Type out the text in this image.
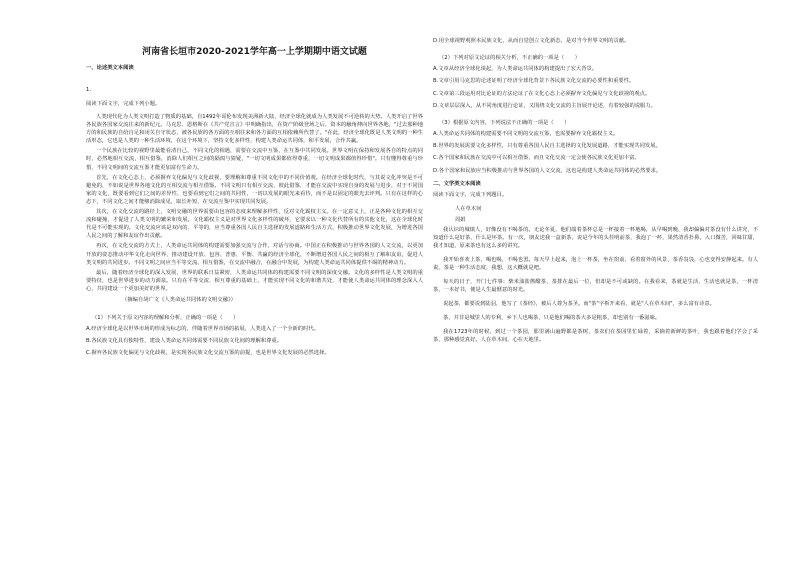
河南省长垣市2020-2021学年高一上学期期中语文试题

一、论述类文本阅读

1.

阅读下面文字，完成下列小题。

人类现代化为人类文明打造了物质的基础，自1492年哥伦布发现美洲新大陆，经济全球化就成为人类发展不可逆转的大势。人类开启了世界各民族各国家交流往来的新纪元。马克思、恩格斯在《共产党宣言》中明确指出，在资产阶级登场之后，资本的触角伸向世界各地，"过去那种地方的和民族的自给自足和闭关自守状态，被各民族的各方面的互相往来和各方面的互相依赖所代替了。"在此，经济全球化既是人类文明的一种生活形态，它也是人类的一种生活环境，在这个环境下，坚持文化多样性，构建人类命运共同体，和平发展，合作共赢。

一个民族在比较的视野里最能看清自己，不同文化的相遇，需要在交流中互鉴，在互鉴中共同发展。世界文明在保持和发展各自的特点的同时，必然地相互交流，相互借鉴，消除人们相互之间的隔阂与猜疑，"一切文明成果都值得尊重，一切文明成果都值得珍惜"。只有懂得尊重与珍惜，不同文明间的交流互鉴才能更加富有生命力。

首先，在文化心态上，必须摒弃文化偏见与文化歧视，要理解和尊重不同文化中的不同价值观。在经济全球化时代，与其说文化冲突是不可避免的，不如说是世界各地文化的互相交流与相互借鉴。不同文明只有相互交流、彼此借鉴，才能在交流中实现自身的发展与进步，对于不同国家的文化，既要看到它们之间的差异性，也要看到它们之间的共同性，一切以发展的眼光来看待，而不是以固定的眼光去评判。只有在这样的心态下，不同文化之间才能够消除成见，取长补短，在交流互鉴中实现共同发展。

其次，在文化交流的路径上，文明交融的世界需要由包容的态度来理解多样性，反对文化霸权主义。在一定意义上，正是各种文化的相互交流和碰撞，才促进了人类文明的繁荣和发展。文化霸权主义是对世界文化多样性的破坏，它要求以一种文化代替所有的其他文化，这在全球化时代是不可能实现的。文化交流应该是双向的、平等的，应当尊重各国人民自主选择的发展道路和生活方式，积极推动世界文化发展，为增进各国人民之间的了解和友谊作出贡献。

再次，在文化交流的方式上，人类命运共同体的构建需要加强交流与合作，对话与协商。中国正在积极推动与世界各国的人文交流，以更加开放的姿态推动中华文化走向世界，推动建设开放、包容、普惠、平衡、共赢的经济全球化，不断增进各国人民之间的相互了解和友谊，促进人类文明的共同进步。不同文明之间应当平等交流、相互借鉴，在交流中融合，在融合中发展，为构建人类命运共同体提供不竭的精神动力。

最后，随着经济全球化的深入发展，世界的联系日益紧密，人类命运共同体的构建需要不同文明的深度交融。文化的多样性是人类文明的重要特征，也是世界进步的动力源泉。只有在平等交流、相互尊重的基础上，才能实现不同文化的和谐共处，才能使人类命运共同体的理念深入人心，共同建设一个更加美好的世界。

（摘编自胡广文《人类命运共同体的文明交融》）

（1）下列关于原文内容的理解和分析，正确的一项是（　　）

A.经济全球化是以世界市场的形成为标志的，伴随着世界市场的拓展，人类进入了一个全新的时代。

B.各民族文化具有独特性，建设人类命运共同体需要不同民族文化间的理解和尊重。

C.摒弃各民族文化偏见与文化歧视，是实现各民族文化交流互鉴的前提，也是世界文化发展的必然选择。

D.用全球视野观照本民族文化，从而自觉创立文化新态，是对当今世界文明的贡献。

（2）下列对原文论证的相关分析，不正确的一项是（　　）

A.文章从经济全球化谈起，为人类命运共同体的构建提出了宏大背景。

B.文章引用马克思的论述证明了经济全球化背景下各民族文化交流的必要性和重要性。

C.文章第三段运用对比论证的方法论证了在文化心态上必须摒弃文化偏见与文化歧视的观点。

D.文章层层深入，从不同角度进行论证，又围绕文化交流的主旨展开论述，有着较强的说服力。

（3）根据原文内容，下列说法不正确的一项是（　　）

A.人类命运共同体的构建需要不同文明的交流互鉴，也需要摒弃文化霸权主义。

B.世界的发展需要文化多样性，只有尊重各国人民自主选择的文化发展道路，才能实现共同发展。

C.各个国家和民族在交流中可以相互借鉴，而且文化交流一定会使各民族文化更加丰富。

D.各个国家和民族应当积极推动与世界各国的人文交流，这也是构建人类命运共同体的必然要求。

二、文学类文本阅读

阅读下面文字，完成下列题目。

人在草木间

周娟

我认识的城镇人，好像没有不喝茶的。无论冬夏，他们端着茶杯总是一杯接着一杯地喝，从早喝到晚，我却偏偏对茶没有什么讲究，不知道什么是好茶，什么是坏茶。有一次，朋友送我一盒新茶，说是今年的头茬明前茶，我泡了一杯，果然清香扑鼻，入口微苦，回味甘甜，我才知道，原来茶也有这么多的讲究。

我开始喜欢上茶，喝也喝，不喝也罢。每天早上起来，泡上一杯茶，坐在窗前，看着窗外的风景，茶香袅袅，心也变得安静起来。有人说，茶是一种生活态度，我想，这大概就是吧。

每天的日子，开门七件事：柴米油盐酱醋茶，茶排在最后一位，但却是不可或缺的。在我看来，茶就是生活，生活也就是茶，一杯清茶，一本好书，便是人生最惬意的时光。

说起茶，都要说到陆羽，他写了《茶经》，被后人尊为茶圣。而"茶"字拆开来看，就是"人在草木间"，多么富有诗意。

茶，并非是城里人的专利，乡下人也喝茶，只是他们喝的茶大多是粗茶，却也别有一番滋味。

我在1723年的时候，到过一个茶园，那里满山遍野都是茶树，茶农们在茶园里忙碌着，采摘着新鲜的茶叶，我也跟着他们学会了采茶，那种感觉真好。人在草木间，心在天地里。
